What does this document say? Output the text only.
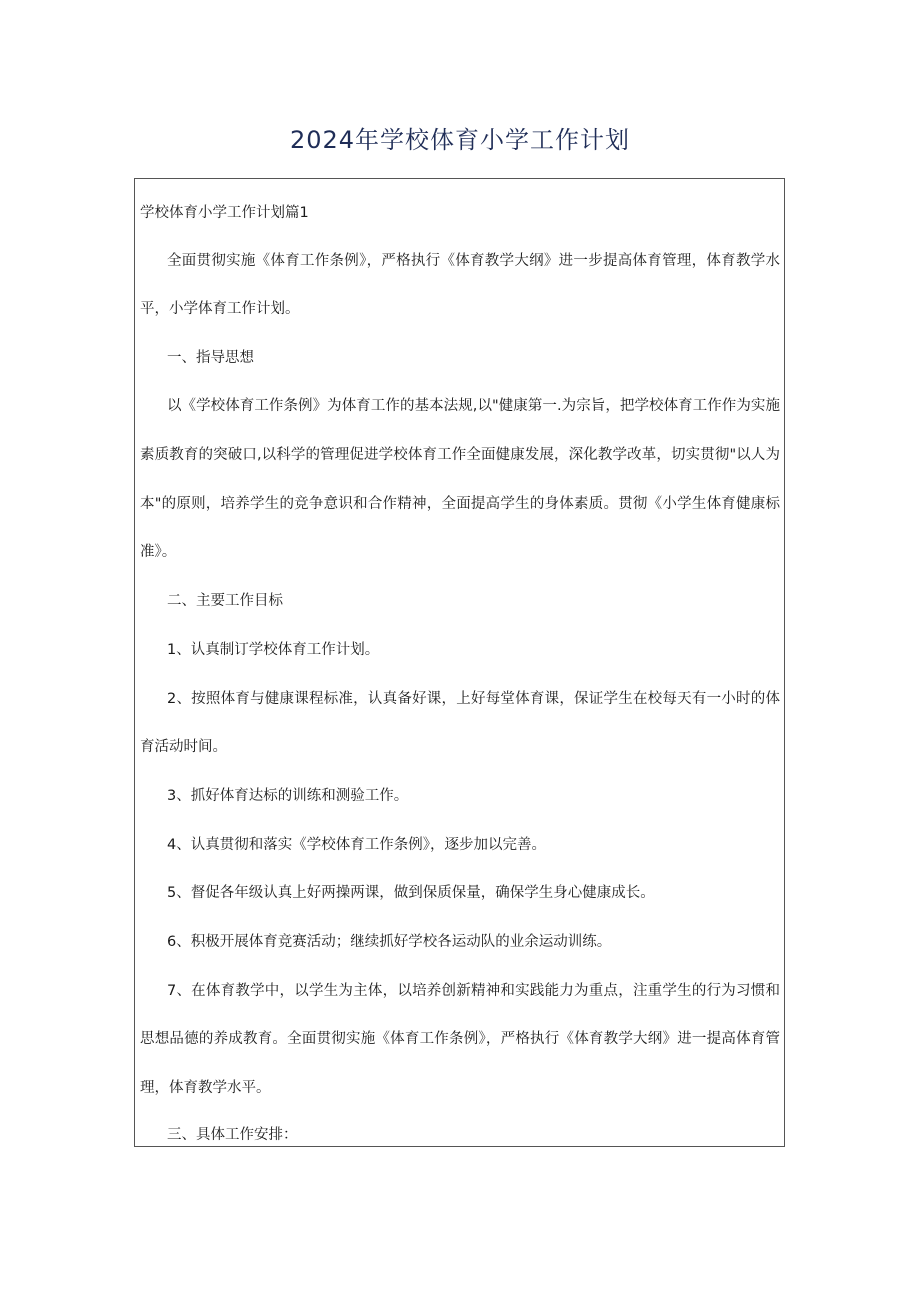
2024年学校体育小学工作计划
学校体育小学工作计划篇1
全面贯彻实施《体育工作条例》，严格执行《体育教学大纲》进一步提高体育管理，体育教学水
平，小学体育工作计划。
一、指导思想
以《学校体育工作条例》为体育工作的基本法规,以"健康第一.为宗旨，把学校体育工作作为实施
素质教育的突破口,以科学的管理促进学校体育工作全面健康发展，深化教学改革，切实贯彻"以人为
本"的原则，培养学生的竞争意识和合作精神，全面提高学生的身体素质。贯彻《小学生体育健康标
准》。
二、主要工作目标
1、认真制订学校体育工作计划。
2、按照体育与健康课程标准，认真备好课，上好每堂体育课，保证学生在校每天有一小时的体
育活动时间。
3、抓好体育达标的训练和测验工作。
4、认真贯彻和落实《学校体育工作条例》，逐步加以完善。
5、督促各年级认真上好两操两课，做到保质保量，确保学生身心健康成长。
6、积极开展体育竞赛活动；继续抓好学校各运动队的业余运动训练。
7、在体育教学中，以学生为主体，以培养创新精神和实践能力为重点，注重学生的行为习惯和
思想品德的养成教育。全面贯彻实施《体育工作条例》，严格执行《体育教学大纲》进一提高体育管
理，体育教学水平。
三、具体工作安排：
